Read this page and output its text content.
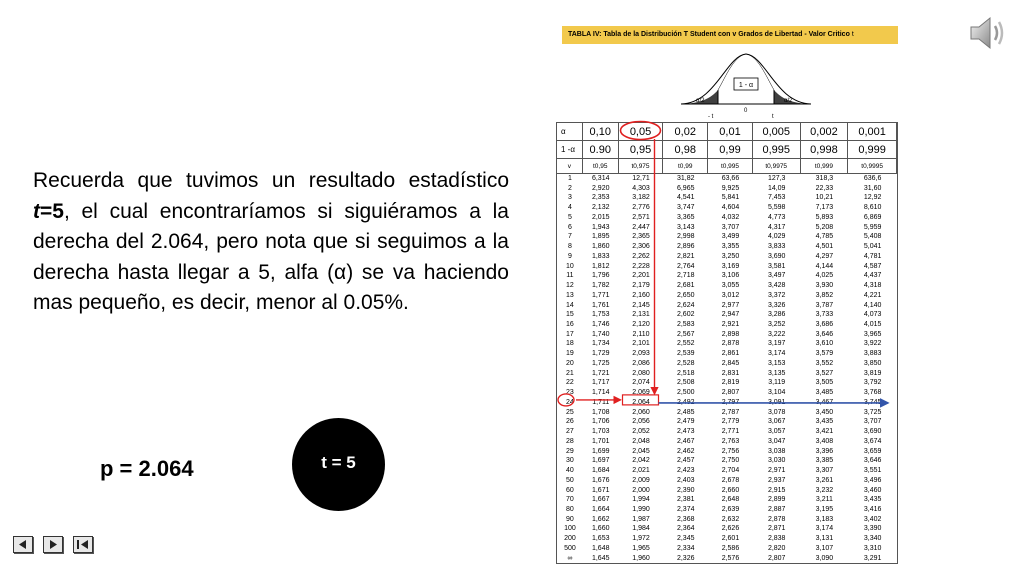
Recuerda que tuvimos un resultado estadístico t=5, el cual encontraríamos si siguiéramos a la derecha del 2.064, pero nota que si seguimos a la derecha hasta llegar a 5, alfa (α) se va haciendo mas pequeño, es decir, menor al 0.05%.
p = 2.064	t = 5
TABLA IV: Tabla de la Distribución T Student con v Grados de Libertad - Valor Critico t
1 - α
α/2	α/2
0
- t	t
α	0,10	0,05	0,02	0,01	0,005	0,002	0,001
1 -α	0.90	0,95	0,98	0,99	0,995	0,998	0,999
v	t0,95	t0,975	t0,99	t0,995	t0,9975	t0,999	t0,9995
1	6,314	12,71	31,82	63,66	127,3	318,3	636,6
2	2,920	4,303	6,965	9,925	14,09	22,33	31,60
3	2,353	3,182	4,541	5,841	7,453	10,21	12,92
4	2,132	2,776	3,747	4,604	5,598	7,173	8,610
5	2,015	2,571	3,365	4,032	4,773	5,893	6,869
6	1,943	2,447	3,143	3,707	4,317	5,208	5,959
7	1,895	2,365	2,998	3,499	4,029	4,785	5,408
8	1,860	2,306	2,896	3,355	3,833	4,501	5,041
9	1,833	2,262	2,821	3,250	3,690	4,297	4,781
10	1,812	2,228	2,764	3,169	3,581	4,144	4,587
11	1,796	2,201	2,718	3,106	3,497	4,025	4,437
12	1,782	2,179	2,681	3,055	3,428	3,930	4,318
13	1,771	2,160	2,650	3,012	3,372	3,852	4,221
14	1,761	2,145	2,624	2,977	3,326	3,787	4,140
15	1,753	2,131	2,602	2,947	3,286	3,733	4,073
16	1,746	2,120	2,583	2,921	3,252	3,686	4,015
17	1,740	2,110	2,567	2,898	3,222	3,646	3,965
18	1,734	2,101	2,552	2,878	3,197	3,610	3,922
19	1,729	2,093	2,539	2,861	3,174	3,579	3,883
20	1,725	2,086	2,528	2,845	3,153	3,552	3,850
21	1,721	2,080	2,518	2,831	3,135	3,527	3,819
22	1,717	2,074	2,508	2,819	3,119	3,505	3,792
23	1,714	2,069	2,500	2,807	3,104	3,485	3,768
24	1,711	2,064	2,492	2,797	3,091	3,467	3,745
25	1,708	2,060	2,485	2,787	3,078	3,450	3,725
26	1,706	2,056	2,479	2,779	3,067	3,435	3,707
27	1,703	2,052	2,473	2,771	3,057	3,421	3,690
28	1,701	2,048	2,467	2,763	3,047	3,408	3,674
29	1,699	2,045	2,462	2,756	3,038	3,396	3,659
30	1,697	2,042	2,457	2,750	3,030	3,385	3,646
40	1,684	2,021	2,423	2,704	2,971	3,307	3,551
50	1,676	2,009	2,403	2,678	2,937	3,261	3,496
60	1,671	2,000	2,390	2,660	2,915	3,232	3,460
70	1,667	1,994	2,381	2,648	2,899	3,211	3,435
80	1,664	1,990	2,374	2,639	2,887	3,195	3,416
90	1,662	1,987	2,368	2,632	2,878	3,183	3,402
100	1,660	1,984	2,364	2,626	2,871	3,174	3,390
200	1,653	1,972	2,345	2,601	2,838	3,131	3,340
500	1,648	1,965	2,334	2,586	2,820	3,107	3,310
∞	1,645	1,960	2,326	2,576	2,807	3,090	3,291
